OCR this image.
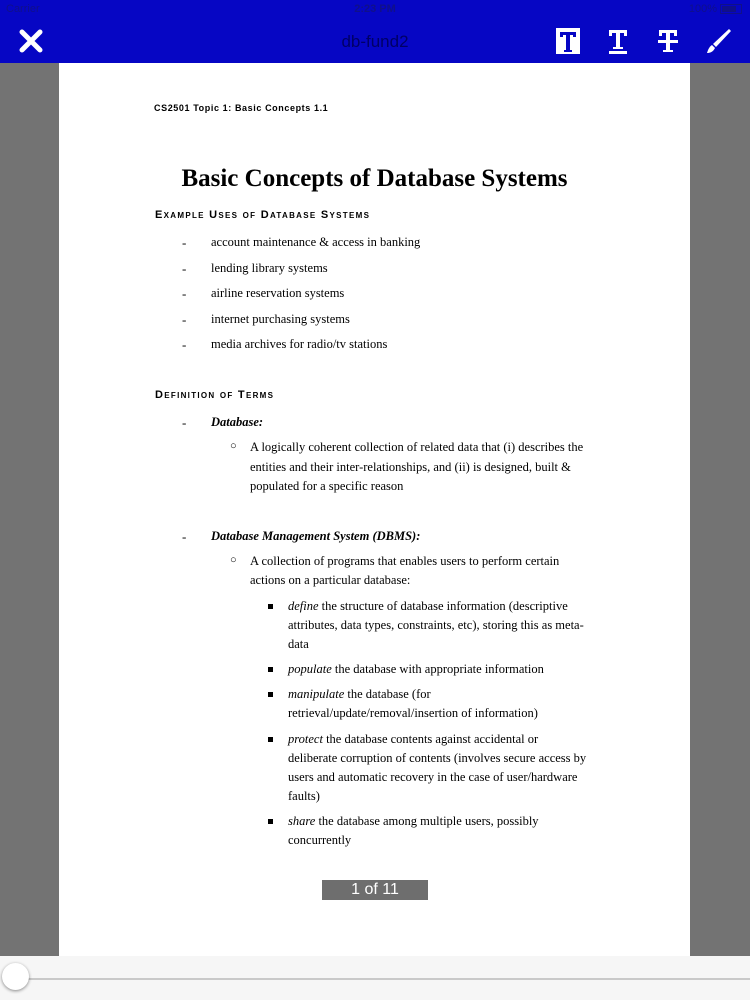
Carrier	2:23 PM	100%
db-fund2
CS2501 Topic 1: Basic Concepts 1.1
Basic Concepts of Database Systems
Example Uses of Database Systems
- account maintenance & access in banking
- lending library systems
- airline reservation systems
- internet purchasing systems
- media archives for radio/tv stations
Definition of Terms
- Database:
○ A logically coherent collection of related data that (i) describes the
entities and their inter-relationships, and (ii) is designed, built &
populated for a specific reason
- Database Management System (DBMS):
○ A collection of programs that enables users to perform certain
actions on a particular database:
define the structure of database information (descriptive
attributes, data types, constraints, etc), storing this as meta-
data
populate the database with appropriate information
manipulate the database (for
retrieval/update/removal/insertion of information)
protect the database contents against accidental or
deliberate corruption of contents (involves secure access by
users and automatic recovery in the case of user/hardware
faults)
share the database among multiple users, possibly
concurrently
1 of 11
